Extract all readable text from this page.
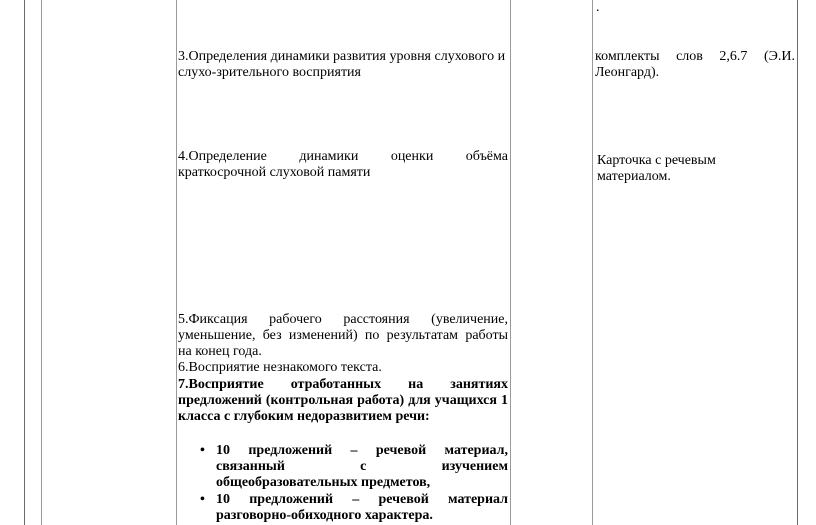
.
3.Определения динамики развития уровня слухового и
слухо-зрительного восприятия
комплекты слов 2,6.7 (Э.И.
Леонгард).
4.Определение динамики оценки объёма
краткосрочной слуховой памяти
Карточка с речевым
материалом.
5.Фиксация рабочего расстояния (увеличение,
уменьшение, без изменений) по результатам работы
на конец года.
6.Восприятие незнакомого текста.
7.Восприятие отработанных на занятиях
предложений (контрольная работа) для учащихся 1
класса с глубоким недоразвитием речи:
• 10 предложений – речевой материал,
связанный с изучением
общеобразовательных предметов,
• 10 предложений – речевой материал
разговорно-обиходного характера.
